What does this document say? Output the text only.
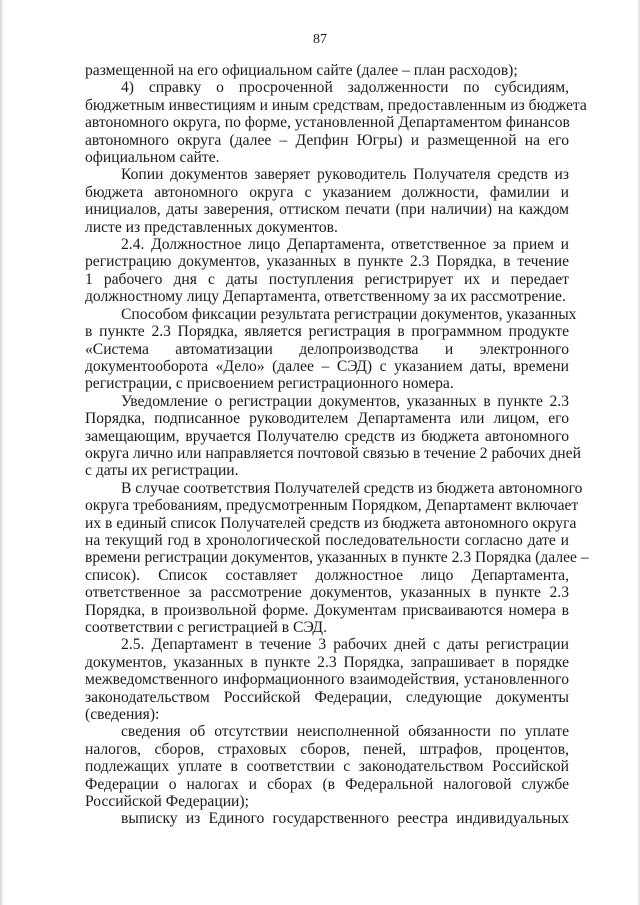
87
размещенной на его официальном сайте (далее – план расходов);
4) справку о просроченной задолженности по субсидиям,
бюджетным инвестициям и иным средствам, предоставленным из бюджета
автономного округа, по форме, установленной Департаментом финансов
автономного округа (далее – Депфин Югры) и размещенной на его
официальном сайте.
Копии документов заверяет руководитель Получателя средств из
бюджета автономного округа с указанием должности, фамилии и
инициалов, даты заверения, оттиском печати (при наличии) на каждом
листе из представленных документов.
2.4. Должностное лицо Департамента, ответственное за прием и
регистрацию документов, указанных в пункте 2.3 Порядка, в течение
1 рабочего дня с даты поступления регистрирует их и передает
должностному лицу Департамента, ответственному за их рассмотрение.
Способом фиксации результата регистрации документов, указанных
в пункте 2.3 Порядка, является регистрация в программном продукте
«Система автоматизации делопроизводства и электронного
документооборота «Дело» (далее – СЭД) с указанием даты, времени
регистрации, с присвоением регистрационного номера.
Уведомление о регистрации документов, указанных в пункте 2.3
Порядка, подписанное руководителем Департамента или лицом, его
замещающим, вручается Получателю средств из бюджета автономного
округа лично или направляется почтовой связью в течение 2 рабочих дней
с даты их регистрации.
В случае соответствия Получателей средств из бюджета автономного
округа требованиям, предусмотренным Порядком, Департамент включает
их в единый список Получателей средств из бюджета автономного округа
на текущий год в хронологической последовательности согласно дате и
времени регистрации документов, указанных в пункте 2.3 Порядка (далее –
список). Список составляет должностное лицо Департамента,
ответственное за рассмотрение документов, указанных в пункте 2.3
Порядка, в произвольной форме. Документам присваиваются номера в
соответствии с регистрацией в СЭД.
2.5. Департамент в течение 3 рабочих дней с даты регистрации
документов, указанных в пункте 2.3 Порядка, запрашивает в порядке
межведомственного информационного взаимодействия, установленного
законодательством Российской Федерации, следующие документы
(сведения):
сведения об отсутствии неисполненной обязанности по уплате
налогов, сборов, страховых сборов, пеней, штрафов, процентов,
подлежащих уплате в соответствии с законодательством Российской
Федерации о налогах и сборах (в Федеральной налоговой службе
Российской Федерации);
выписку из Единого государственного реестра индивидуальных
